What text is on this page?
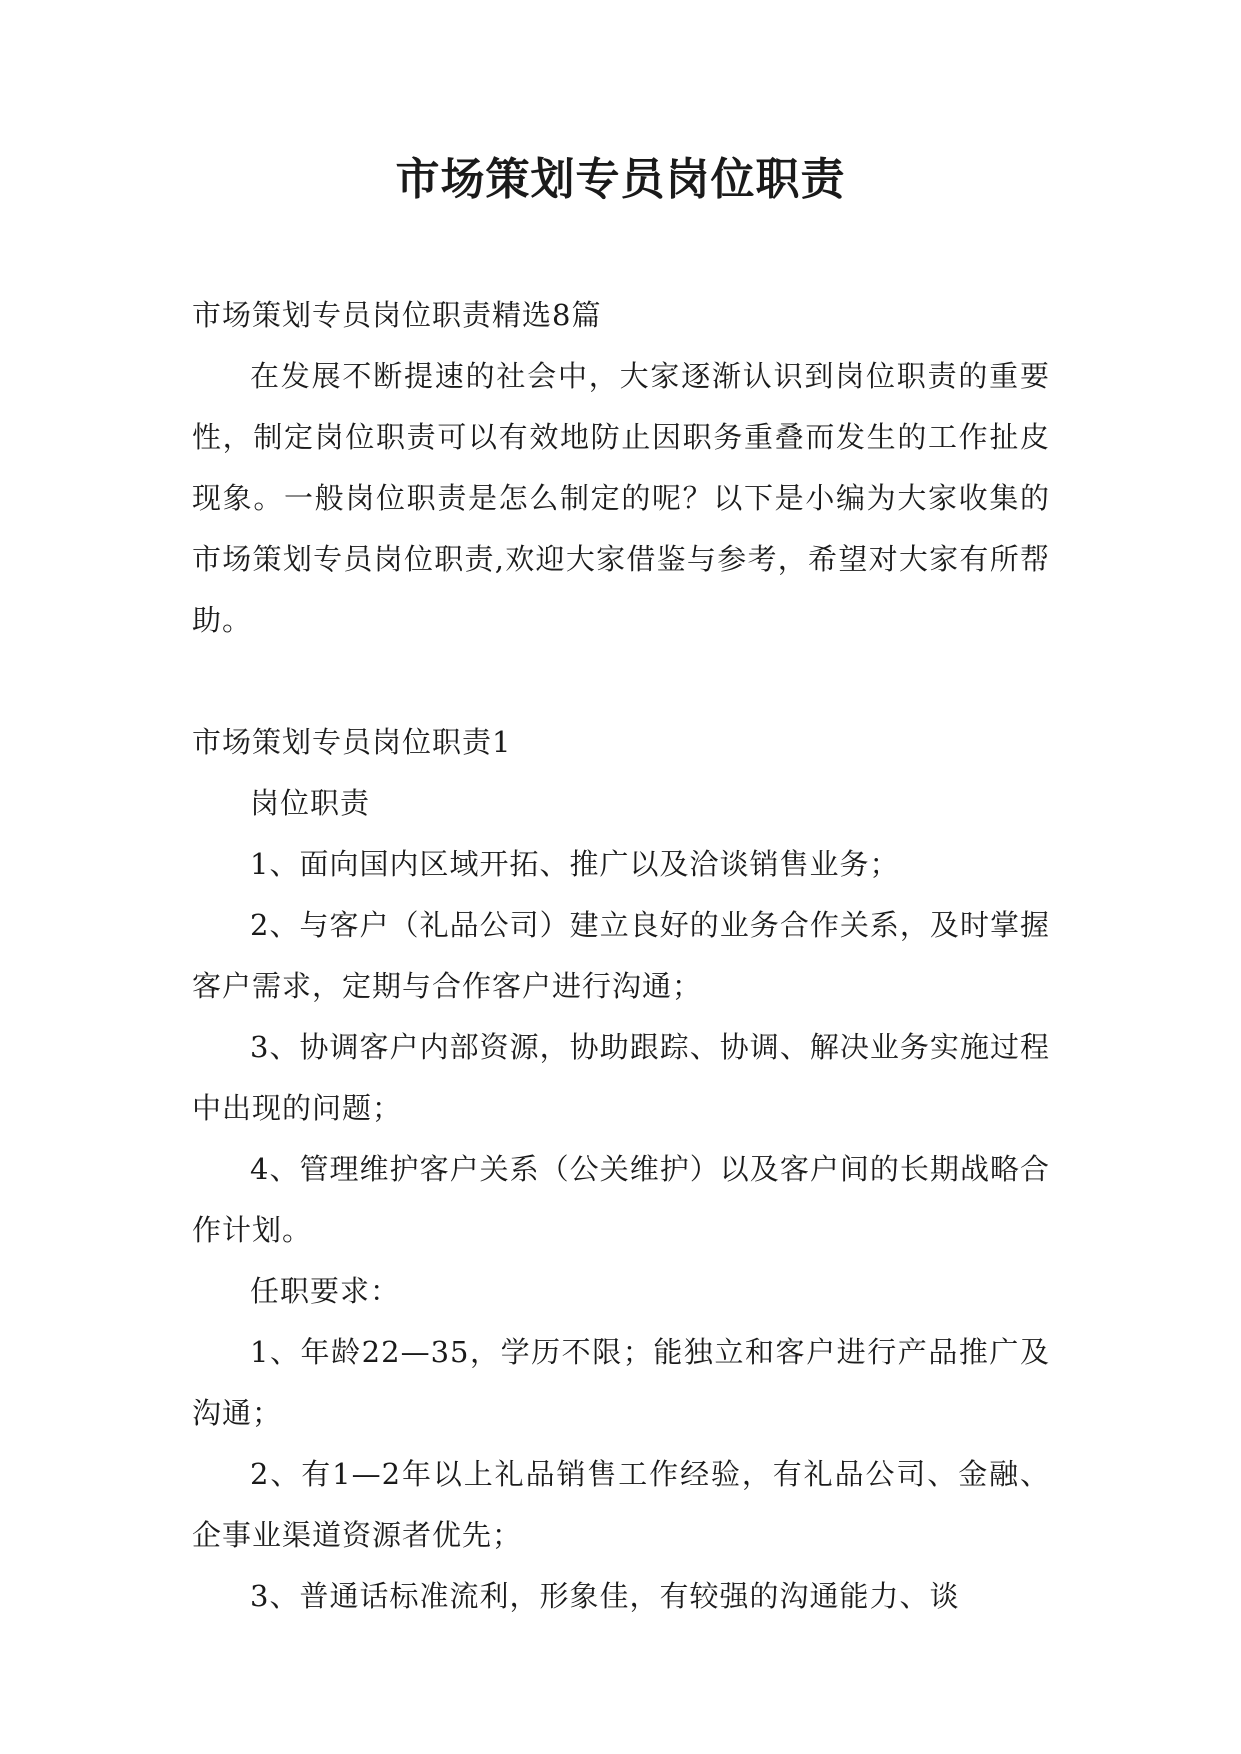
市场策划专员岗位职责

市场策划专员岗位职责精选8篇

在发展不断提速的社会中，大家逐渐认识到岗位职责的重要性，制定岗位职责可以有效地防止因职务重叠而发生的工作扯皮现象。一般岗位职责是怎么制定的呢？以下是小编为大家收集的市场策划专员岗位职责,欢迎大家借鉴与参考，希望对大家有所帮助。

市场策划专员岗位职责1

岗位职责

1、面向国内区域开拓、推广以及洽谈销售业务；

2、与客户（礼品公司）建立良好的业务合作关系，及时掌握客户需求，定期与合作客户进行沟通；

3、协调客户内部资源，协助跟踪、协调、解决业务实施过程中出现的问题；

4、管理维护客户关系（公关维护）以及客户间的长期战略合作计划。

任职要求：

1、年龄22—35，学历不限；能独立和客户进行产品推广及沟通；

2、有1—2年以上礼品销售工作经验，有礼品公司、金融、企事业渠道资源者优先；

3、普通话标准流利，形象佳，有较强的沟通能力、谈
